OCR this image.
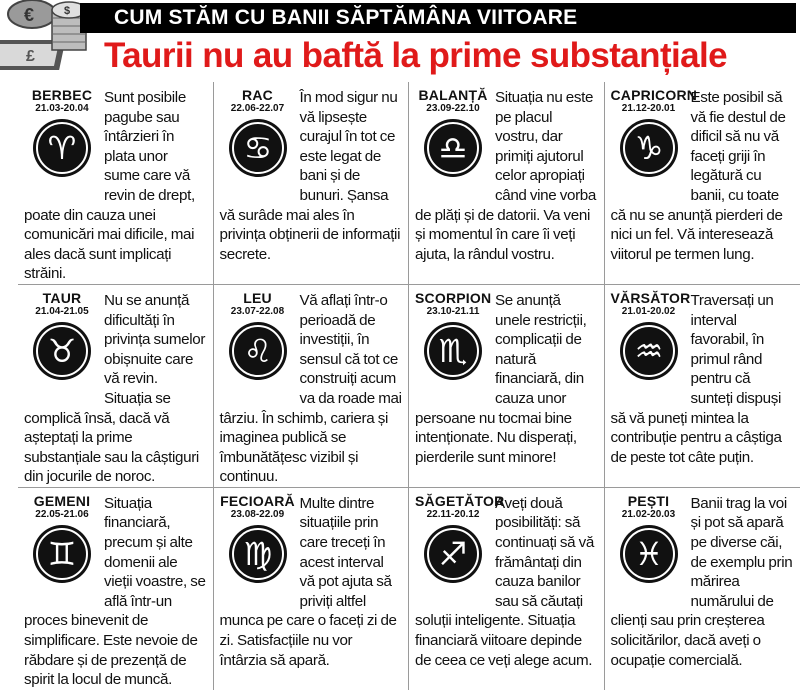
£
€	$	CUM STĂM CU BANII SĂPTĂMÂNA VIITOARE
Taurii nu au baftă la prime substanțiale
BERBEC
21.03-20.04
♈

Sunt posibile pagube sau întârzieri în plata unor sume care vă revin de drept, poate din cauza unei comunicări mai dificile, mai ales dacă sunt implicați străini.

RAC
22.06-22.07
♋

În mod sigur nu vă lipsește curajul în tot ce este legat de bani și de bunuri. Șansa vă surâde mai ales în privința obținerii de informații secrete.

BALANȚĂ
23.09-22.10
♎

Situația nu este pe placul vostru, dar primiți ajutorul celor apropiați când vine vorba de plăți și de datorii. Va veni și momentul în care îi veți ajuta, la rândul vostru.

CAPRICORN
21.12-20.01
♑

Este posibil să vă fie destul de dificil să nu vă faceți griji în legătură cu banii, cu toate că nu se anunță pierderi de nici un fel. Vă interesează viitorul pe termen lung.

TAUR
21.04-21.05
♉

Nu se anunță dificultăți în privința sumelor obișnuite care vă revin. Situația se complică însă, dacă vă așteptați la prime substanțiale sau la câștiguri din jocurile de noroc.

LEU
23.07-22.08
♌

Vă aflați într-o perioadă de investiții, în sensul că tot ce construiți acum va da roade mai târziu. În schimb, cariera și imaginea publică se îmbunătățesc vizibil și continuu.

SCORPION
23.10-21.11
♏

Se anunță unele restricții, complicații de natură financiară, din cauza unor persoane nu tocmai bine intenționate. Nu disperați, pierderile sunt minore!

VĂRSĂTOR
21.01-20.02
♒

Traversați un interval favorabil, în primul rând pentru că sunteți dispuși să vă puneți mintea la contribuție pentru a câștiga de peste tot câte puțin.

GEMENI
22.05-21.06
♊

Situația financiară, precum și alte domenii ale vieții voastre, se află într-un proces binevenit de simplificare. Este nevoie de răbdare și de prezență de spirit la locul de muncă.

FECIOARĂ
23.08-22.09
♍

Multe dintre situațiile prin care treceți în acest interval vă pot ajuta să priviți altfel munca pe care o faceți zi de zi. Satisfacțiile nu vor întârzia să apară.

SĂGETĂTOR
22.11-20.12
♐

Aveți două posibilități: să continuați să vă frământați din cauza banilor sau să căutați soluții inteligente. Situația financiară viitoare depinde de ceea ce veți alege acum.

PEȘTI
21.02-20.03
♓

Banii trag la voi și pot să apară pe diverse căi, de exemplu prin mărirea numărului de clienți sau prin creșterea solicitărilor, dacă aveți o ocupație comercială.
